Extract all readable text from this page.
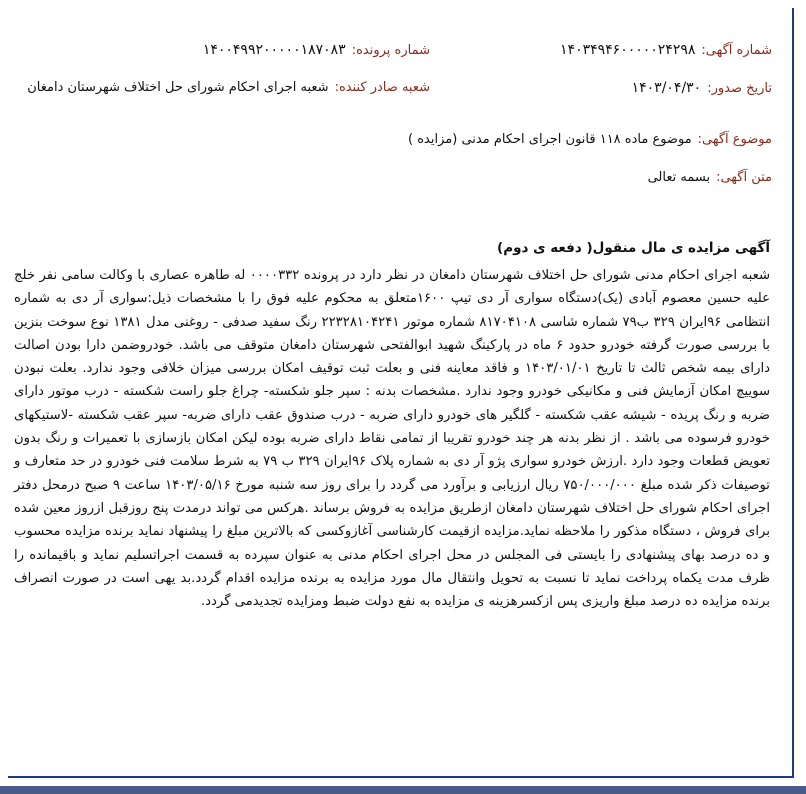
شماره آگهی:
۱۴۰۳۴۹۴۶۰۰۰۰۰۲۴۲۹۸
شماره پرونده:
۱۴۰۰۴۹۹۲۰۰۰۰۰۱۸۷۰۸۳
تاریخ صدور:
۱۴۰۳/۰۴/۳۰
شعبه صادر کننده:
شعبه اجرای احکام شورای حل اختلاف شهرستان دامغان
موضوع آگهی:
موضوع ماده ۱۱۸ قانون اجرای احکام مدنی (مزایده )
متن آگهی:
بسمه تعالی
آگهی مزایده ی مال منقول( دفعه ی دوم)

شعبه اجرای احکام مدنی شورای حل اختلاف شهرستان دامغان در نظر دارد در پرونده ۰۰۰۰۳۳۲ له طاهره عصاری با وکالت سامی نفر خلج علیه حسین معصوم آبادی (یک)دستگاه سواری آر دی تیپ ۱۶۰۰متعلق به محکوم علیه فوق را با مشخصات ذیل:سواری آر دی به شماره انتظامی ۹۶ایران ۳۲۹ ب۷۹ شماره شاسی ۸۱۷۰۴۱۰۸ شماره موتور ۲۲۳۲۸۱۰۴۲۴۱ رنگ سفید صدفی - روغنی مدل ۱۳۸۱ نوع سوخت بنزین با بررسی صورت گرفته خودرو حدود ۶ ماه در پارکینگ شهید ابوالفتحی شهرستان دامغان متوقف می باشد. خودروضمن دارا بودن اصالت دارای بیمه شخص ثالث تا تاریخ ۱۴۰۳/۰۱/۰۱ و فاقد معاینه فنی و بعلت ثبت توقیف امکان بررسی میزان خلافی وجود ندارد. بعلت نبودن سوییچ امکان آزمایش فنی و مکانیکی خودرو وجود ندارد .مشخصات بدنه : سپر جلو شکسته- چراغ جلو راست شکسته - درب موتور دارای ضربه و رنگ پریده - شیشه عقب شکسته - گلگیر های خودرو دارای ضربه - درب صندوق عقب دارای ضربه- سپر عقب شکسته -لاستیکهای خودرو فرسوده می باشد . از نظر بدنه هر چند خودرو تقریبا از تمامی نقاط دارای ضربه بوده لیکن امکان بازسازی با تعمیرات و رنگ بدون تعویض قطعات وجود دارد .ارزش خودرو سواری پژو آر دی به شماره پلاک ۹۶ایران ۳۲۹ ب ۷۹ به شرط سلامت فنی خودرو در حد متعارف و توصیفات ذکر شده مبلغ ۷۵۰/۰۰۰/۰۰۰ ریال ارزیابی و برآورد می گردد را برای روز سه شنبه مورخ ۱۴۰۳/۰۵/۱۶ ساعت ۹ صبح درمحل دفتر اجرای احکام شورای حل اختلاف شهرستان دامغان ازطریق مزایده به فروش برساند .هرکس می تواند درمدت پنج روزقبل ازروز معین شده برای فروش ، دستگاه مذکور را ملاحظه نماید.مزایده ازقیمت کارشناسی آغازوکسی که بالاترین مبلغ را پیشنهاد نماید برنده مزایده محسوب و ده درصد بهای پیشنهادی را بایستی فی المجلس در محل اجرای احکام مدنی به عنوان سپرده به قسمت اجراتسلیم نماید و باقیمانده را ظرف مدت یکماه پرداخت نماید تا نسبت به تحویل وانتقال مال مورد مزایده به برنده مزایده اقدام گردد.بد یهی است در صورت انصراف برنده مزایده ده درصد مبلغ واریزی پس ازکسرهزینه ی مزایده به نفع دولت ضبط ومزایده تجدیدمی گردد.
